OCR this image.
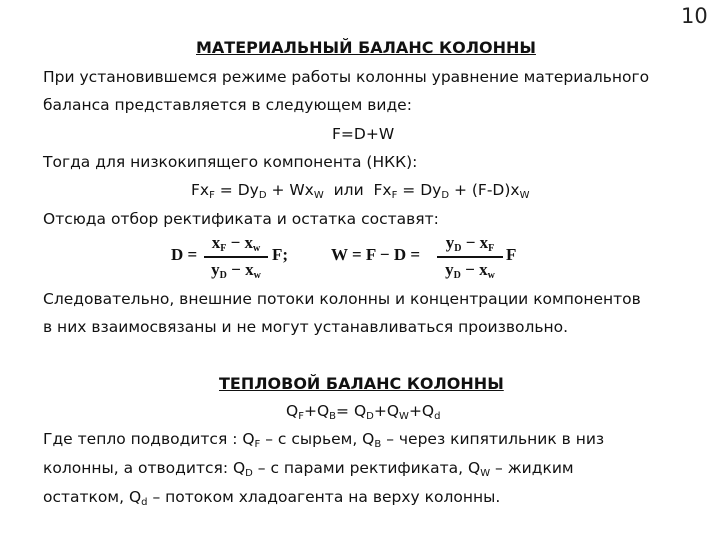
10
МАТЕРИАЛЬНЫЙ БАЛАНС КОЛОННЫ
При установившемся режиме работы колонны уравнение материального
баланса представляется в следующем виде:
F=D+W
Тогда для низкокипящего компонента (НКК):
$Fx_F = Dy_D + Wx_W$  или  $Fx_F = Dy_D + (F-D)x_W$
Отсюда отбор ректификата и остатка составят:
D =
$x_F - x_w$
$y_D - x_w$
F;	W = F − D =
$y_D - x_F$
$y_D - x_w$
F
Следовательно, внешние потоки колонны и концентрации компонентов
в них взаимосвязаны и не могут устанавливаться произвольно.
ТЕПЛОВОЙ БАЛАНС КОЛОННЫ
$Q_F+Q_B= Q_D+Q_W+Q_d$
Где тепло подводится : $Q_F$ – с сырьем, $Q_B$ – через кипятильник в низ
колонны, а отводится: $Q_D$ – с парами ректификата, $Q_W$ – жидким
остатком, $Q_d$ – потоком хладоагента на верху колонны.
